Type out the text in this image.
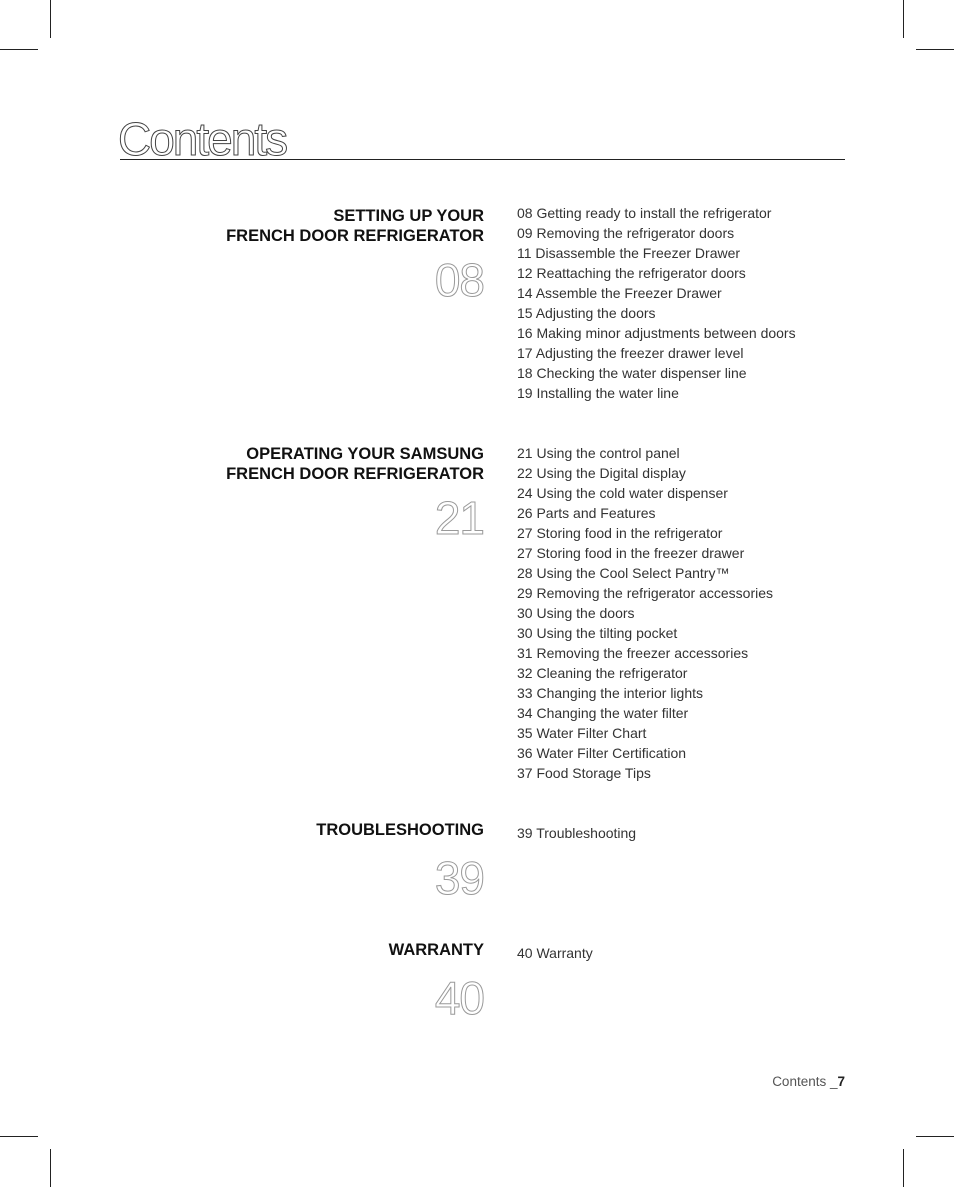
Contents

SETTING UP YOUR

FRENCH DOOR REFRIGERATOR

08
08 Getting ready to install the refrigerator
09 Removing the refrigerator doors
11 Disassemble the Freezer Drawer
12 Reattaching the refrigerator doors
14 Assemble the Freezer Drawer
15 Adjusting the doors
16 Making minor adjustments between doors
17 Adjusting the freezer drawer level
18 Checking the water dispenser line
19 Installing the water line

OPERATING YOUR SAMSUNG

FRENCH DOOR REFRIGERATOR

21
21 Using the control panel
22 Using the Digital display
24 Using the cold water dispenser
26 Parts and Features
27 Storing food in the refrigerator
27 Storing food in the freezer drawer
28 Using the Cool Select Pantry™
29 Removing the refrigerator accessories
30 Using the doors
30 Using the tilting pocket
31 Removing the freezer accessories
32 Cleaning the refrigerator
33 Changing the interior lights
34 Changing the water filter
35 Water Filter Chart
36 Water Filter Certification
37 Food Storage Tips

TROUBLESHOOTING

39
39 Troubleshooting

WARRANTY

40
40 Warranty
Contents _7
